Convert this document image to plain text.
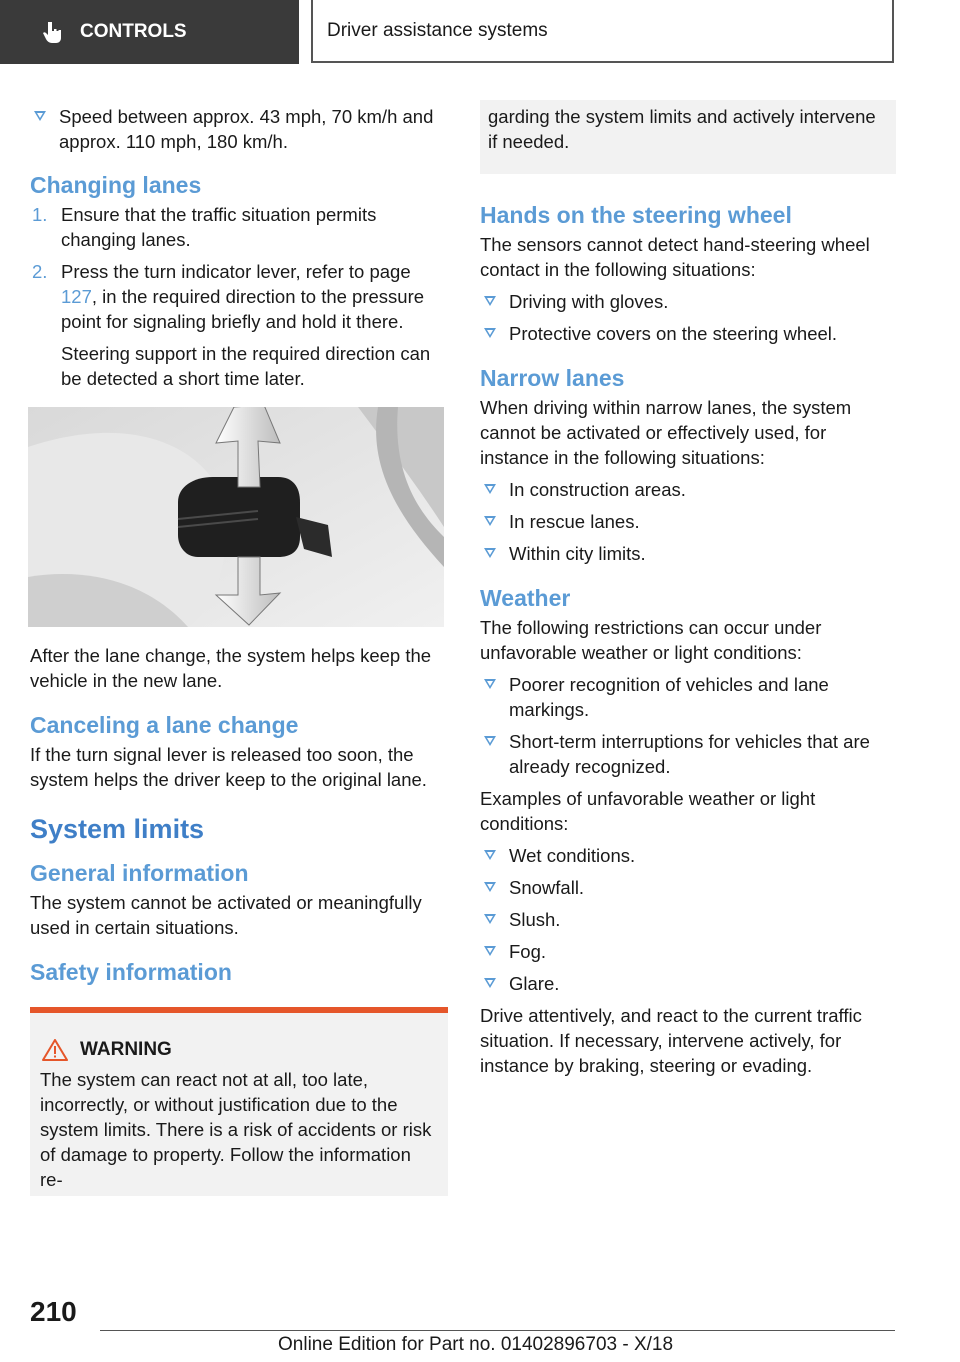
CONTROLS	Driver assistance systems
Speed between approx. 43 mph, 70 km/h and approx. 110 mph, 180 km/h.
Changing lanes
1. Ensure that the traffic situation permits changing lanes.
2. Press the turn indicator lever, refer to page 127, in the required direction to the pressure point for signaling briefly and hold it there.
Steering support in the required direction can be detected a short time later.
After the lane change, the system helps keep the vehicle in the new lane.
Canceling a lane change
If the turn signal lever is released too soon, the system helps the driver keep to the original lane.
System limits
General information
The system cannot be activated or meaningfully used in certain situations.
Safety information
WARNING

The system can react not at all, too late, incorrectly, or without justification due to the system limits. There is a risk of accidents or risk of damage to property. Follow the information re-

garding the system limits and actively intervene if needed.
Hands on the steering wheel
The sensors cannot detect hand-steering wheel contact in the following situations:
Driving with gloves.
Protective covers on the steering wheel.
Narrow lanes
When driving within narrow lanes, the system cannot be activated or effectively used, for instance in the following situations:
In construction areas.
In rescue lanes.
Within city limits.
Weather
The following restrictions can occur under unfavorable weather or light conditions:
Poorer recognition of vehicles and lane markings.
Short-term interruptions for vehicles that are already recognized.
Examples of unfavorable weather or light conditions:
Wet conditions.
Snowfall.
Slush.
Fog.
Glare.
Drive attentively, and react to the current traffic situation. If necessary, intervene actively, for instance by braking, steering or evading.
210
Online Edition for Part no. 01402896703 - X/18
